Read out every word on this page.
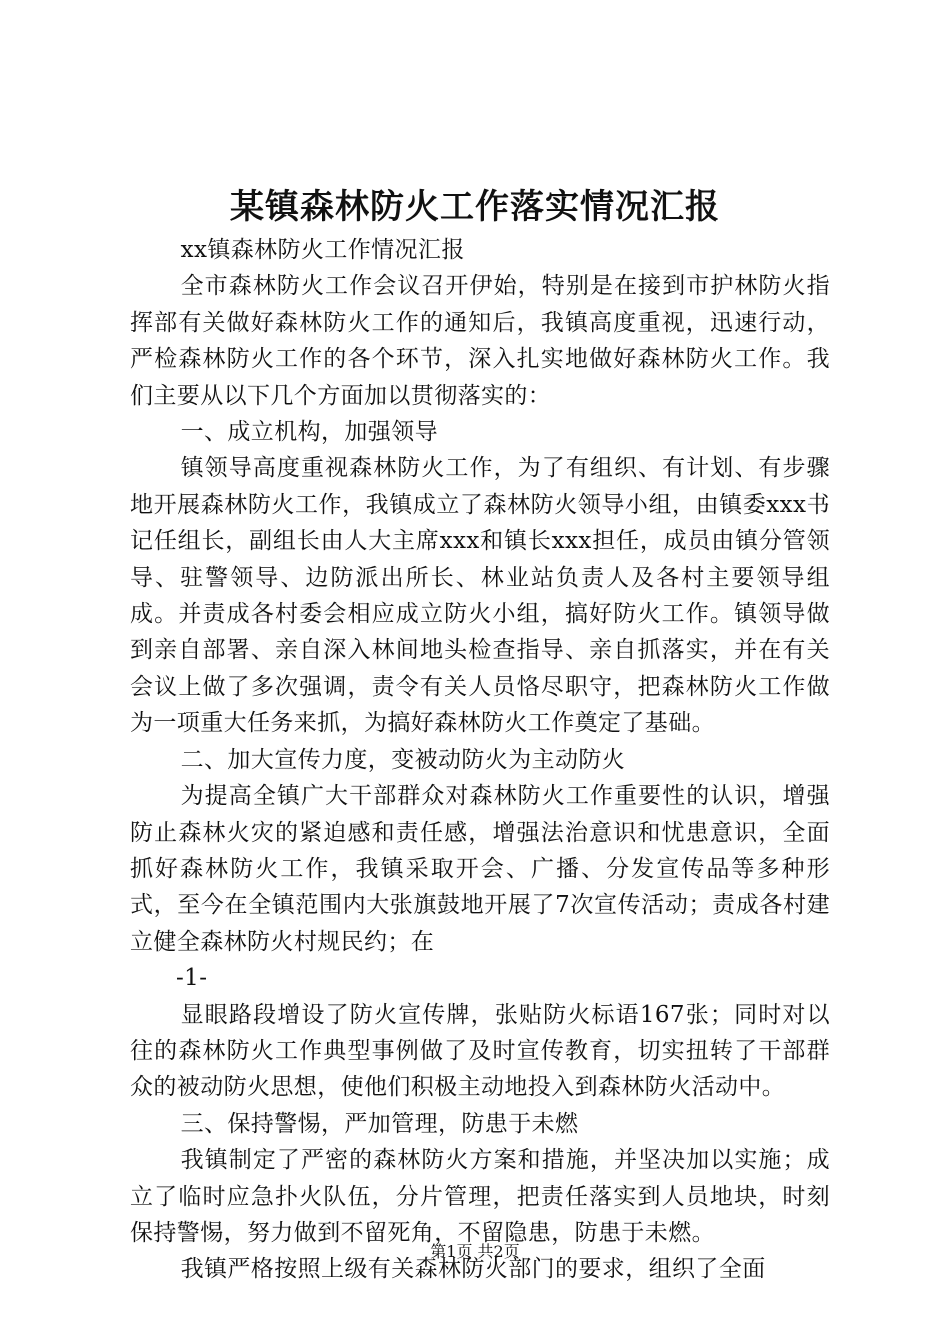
某镇森林防火工作落实情况汇报

xx镇森林防火工作情况汇报

全市森林防火工作会议召开伊始，特别是在接到市护林防火指挥部有关做好森林防火工作的通知后，我镇高度重视，迅速行动，严检森林防火工作的各个环节，深入扎实地做好森林防火工作。我们主要从以下几个方面加以贯彻落实的：

一、成立机构，加强领导

镇领导高度重视森林防火工作，为了有组织、有计划、有步骤地开展森林防火工作，我镇成立了森林防火领导小组，由镇委xxx书记任组长，副组长由人大主席xxx和镇长xxx担任，成员由镇分管领导、驻警领导、边防派出所长、林业站负责人及各村主要领导组成。并责成各村委会相应成立防火小组，搞好防火工作。镇领导做到亲自部署、亲自深入林间地头检查指导、亲自抓落实，并在有关会议上做了多次强调，责令有关人员恪尽职守，把森林防火工作做为一项重大任务来抓，为搞好森林防火工作奠定了基础。

二、加大宣传力度，变被动防火为主动防火

为提高全镇广大干部群众对森林防火工作重要性的认识，增强防止森林火灾的紧迫感和责任感，增强法治意识和忧患意识，全面抓好森林防火工作，我镇采取开会、广播、分发宣传品等多种形式，至今在全镇范围内大张旗鼓地开展了7次宣传活动；责成各村建立健全森林防火村规民约；在

-1-

显眼路段增设了防火宣传牌，张贴防火标语167张；同时对以往的森林防火工作典型事例做了及时宣传教育，切实扭转了干部群众的被动防火思想，使他们积极主动地投入到森林防火活动中。

三、保持警惕，严加管理，防患于未燃

我镇制定了严密的森林防火方案和措施，并坚决加以实施；成立了临时应急扑火队伍，分片管理，把责任落实到人员地块，时刻保持警惕，努力做到不留死角，不留隐患，防患于未燃。

我镇严格按照上级有关森林防火部门的要求，组织了全面

第1页 共2页
